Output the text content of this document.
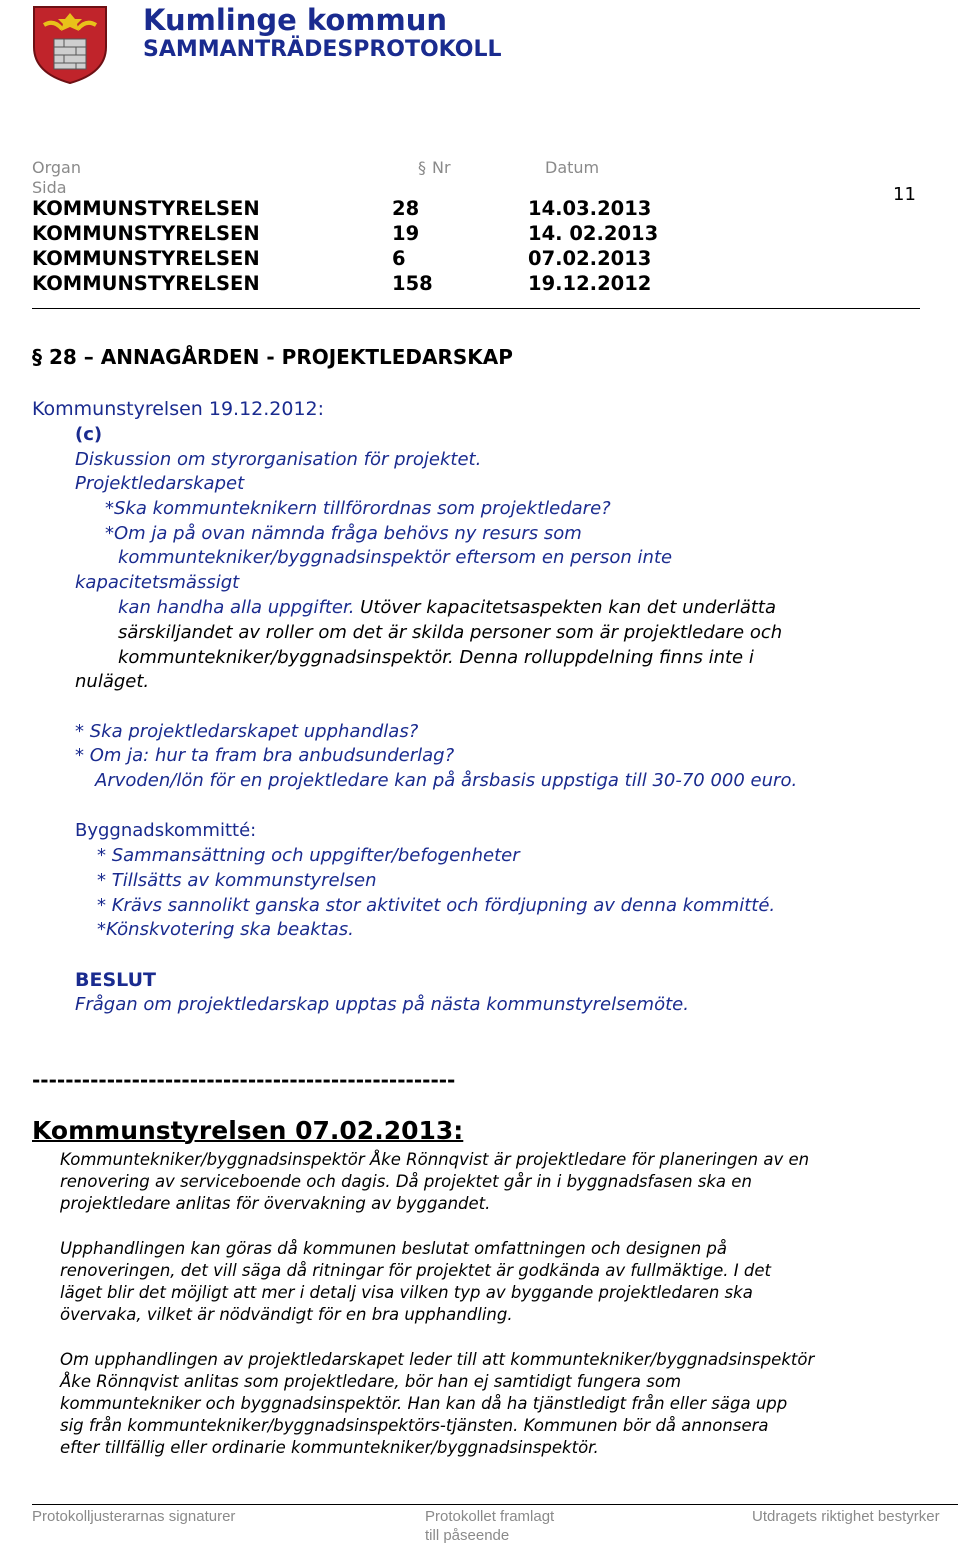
Kumlinge kommun
SAMMANTRÄDESPROTOKOLL
Organ	§ Nr	Datum
Sida	11
KOMMUNSTYRELSEN	28	14.03.2013
KOMMUNSTYRELSEN	19	14. 02.2013
KOMMUNSTYRELSEN	6	07.02.2013
KOMMUNSTYRELSEN	158	19.12.2012
§ 28 – ANNAGÅRDEN - PROJEKTLEDARSKAP
Kommunstyrelsen 19.12.2012:
(c)
Diskussion om styrorganisation för projektet.
Projektledarskapet
*Ska kommunteknikern tillförordnas som projektledare?
*Om ja på ovan nämnda fråga behövs ny resurs som
kommuntekniker/byggnadsinspektör eftersom en person inte
kapacitetsmässigt
kan handha alla uppgifter. Utöver kapacitetsaspekten kan det underlätta
särskiljandet av roller om det är skilda personer som är projektledare och
kommuntekniker/byggnadsinspektör. Denna rolluppdelning finns inte i
nuläget.
* Ska projektledarskapet upphandlas?
* Om ja: hur ta fram bra anbudsunderlag?
Arvoden/lön för en projektledare kan på årsbasis uppstiga till 30-70 000 euro.
Byggnadskommitté:
* Sammansättning och uppgifter/befogenheter
* Tillsätts av kommunstyrelsen
* Krävs sannolikt ganska stor aktivitet och fördjupning av denna kommitté.
*Könskvotering ska beaktas.
BESLUT
Frågan om projektledarskap upptas på nästa kommunstyrelsemöte.
---------------------------------------------------
Kommunstyrelsen 07.02.2013:
Kommuntekniker/byggnadsinspektör Åke Rönnqvist är projektledare för planeringen av en
renovering av serviceboende och dagis. Då projektet går in i byggnadsfasen ska en
projektledare anlitas för övervakning av byggandet.
Upphandlingen kan göras då kommunen beslutat omfattningen och designen på
renoveringen, det vill säga då ritningar för projektet är godkända av fullmäktige. I det
läget blir det möjligt att mer i detalj visa vilken typ av byggande projektledaren ska
övervaka, vilket är nödvändigt för en bra upphandling.
Om upphandlingen av projektledarskapet leder till att kommuntekniker/byggnadsinspektör
Åke Rönnqvist anlitas som projektledare, bör han ej samtidigt fungera som
kommuntekniker och byggnadsinspektör. Han kan då ha tjänstledigt från eller säga upp
sig från kommuntekniker/byggnadsinspektörs-tjänsten. Kommunen bör då annonsera
efter tillfällig eller ordinarie kommuntekniker/byggnadsinspektör.
Protokolljusterarnas signaturer	Protokollet framlagt
till påseende
Utdragets riktighet bestyrker
